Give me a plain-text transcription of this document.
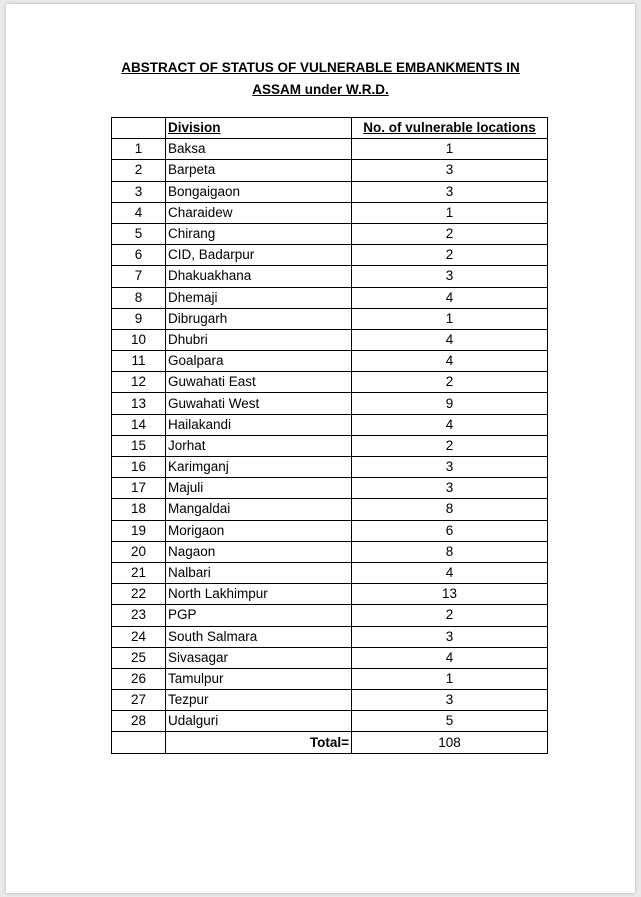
ABSTRACT OF STATUS OF VULNERABLE EMBANKMENTS IN
ASSAM under W.R.D.
	Division	No. of vulnerable locations
1	Baksa	1
2	Barpeta	3
3	Bongaigaon	3
4	Charaidew	1
5	Chirang	2
6	CID, Badarpur	2
7	Dhakuakhana	3
8	Dhemaji	4
9	Dibrugarh	1
10	Dhubri	4
11	Goalpara	4
12	Guwahati East	2
13	Guwahati West	9
14	Hailakandi	4
15	Jorhat	2
16	Karimganj	3
17	Majuli	3
18	Mangaldai	8
19	Morigaon	6
20	Nagaon	8
21	Nalbari	4
22	North Lakhimpur	13
23	PGP	2
24	South Salmara	3
25	Sivasagar	4
26	Tamulpur	1
27	Tezpur	3
28	Udalguri	5
	Total=	108
